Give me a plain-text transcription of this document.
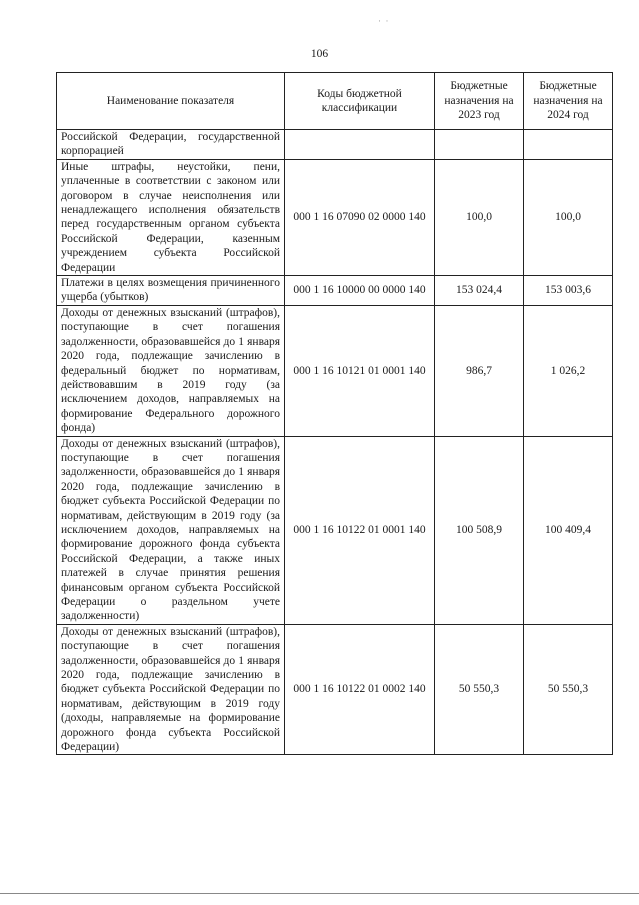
·  ·
106
Наименование показателя	Коды бюджетной классификации	Бюджетные назначения на 2023 год	Бюджетные назначения на 2024 год
Российской Федерации, государственной корпорацией			
Иные штрафы, неустойки, пени, уплаченные в соответствии с законом или договором в случае неисполнения или ненадлежащего исполнения обязательств перед государственным органом субъекта Российской Федерации, казенным учреждением субъекта Российской Федерации	000 1 16 07090 02 0000 140	100,0	100,0
Платежи в целях возмещения причиненного ущерба (убытков)	000 1 16 10000 00 0000 140	153 024,4	153 003,6
Доходы от денежных взысканий (штрафов), поступающие в счет погашения задолженности, образовавшейся до 1 января 2020 года, подлежащие зачислению в федеральный бюджет по нормативам, действовавшим в 2019 году (за исключением доходов, направляемых на формирование Федерального дорожного фонда)	000 1 16 10121 01 0001 140	986,7	1 026,2
Доходы от денежных взысканий (штрафов), поступающие в счет погашения задолженности, образовавшейся до 1 января 2020 года, подлежащие зачислению в бюджет субъекта Российской Федерации по нормативам, действующим в 2019 году (за исключением доходов, направляемых на формирование дорожного фонда субъекта Российской Федерации, а также иных платежей в случае принятия решения финансовым органом субъекта Российской Федерации о раздельном учете задолженности)	000 1 16 10122 01 0001 140	100 508,9	100 409,4
Доходы от денежных взысканий (штрафов), поступающие в счет погашения задолженности, образовавшейся до 1 января 2020 года, подлежащие зачислению в бюджет субъекта Российской Федерации по нормативам, действующим в 2019 году (доходы, направляемые на формирование дорожного фонда субъекта Российской Федерации)	000 1 16 10122 01 0002 140	50 550,3	50 550,3
